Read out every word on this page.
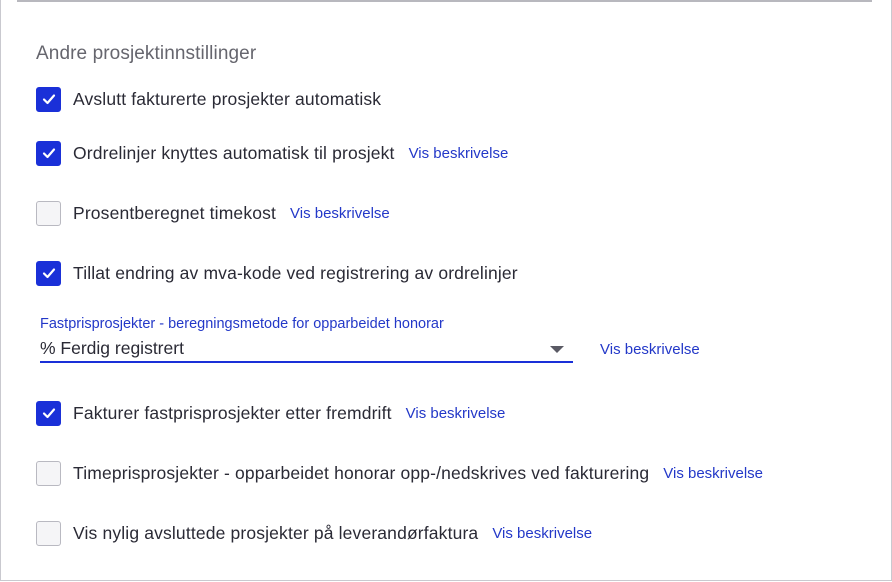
Andre prosjektinnstillinger
Avslutt fakturerte prosjekter automatisk
Ordrelinjer knyttes automatisk til prosjekt Vis beskrivelse
Prosentberegnet timekost Vis beskrivelse
Tillat endring av mva-kode ved registrering av ordrelinjer
Fastprisprosjekter - beregningsmetode for opparbeidet honorar
% Ferdig registrert	Vis beskrivelse
Fakturer fastprisprosjekter etter fremdrift Vis beskrivelse
Timeprisprosjekter - opparbeidet honorar opp-/nedskrives ved fakturering Vis beskrivelse
Vis nylig avsluttede prosjekter på leverandørfaktura Vis beskrivelse
